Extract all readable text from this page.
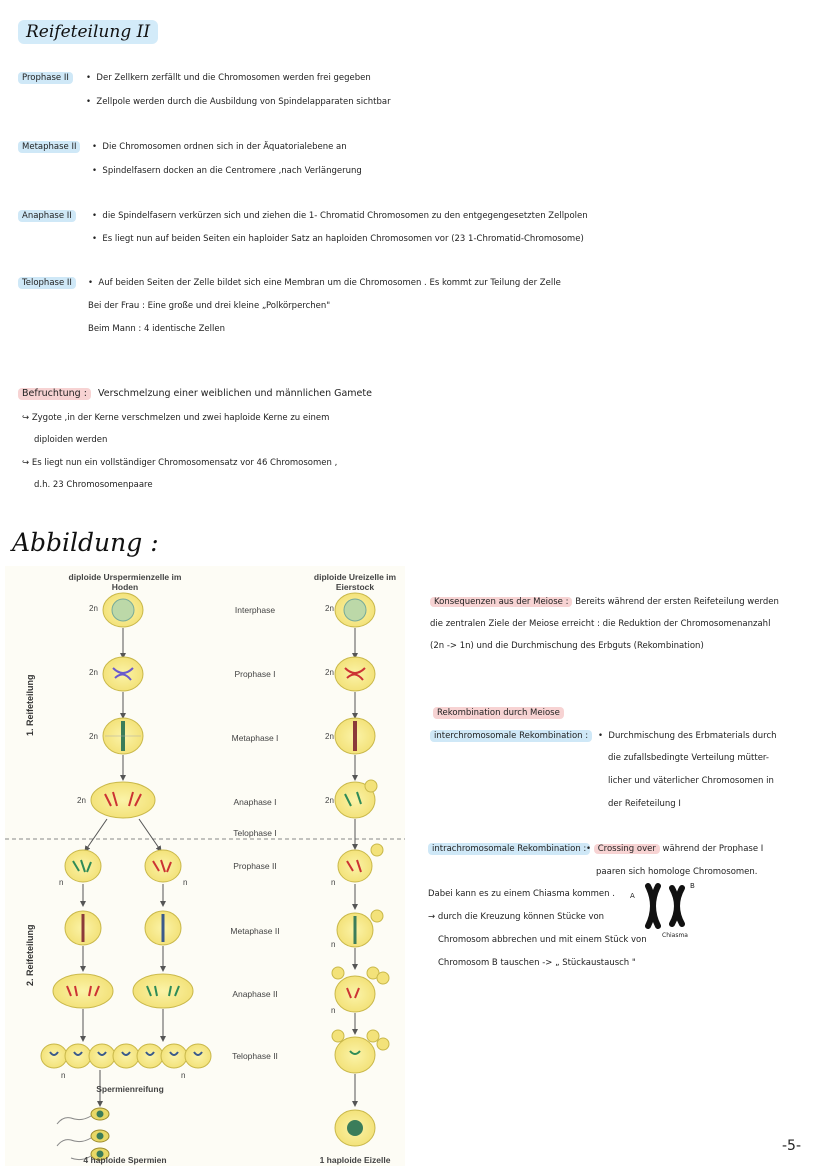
Reifeteilung II
Prophase II	•  Der Zellkern zerfällt und die Chromosomen werden frei gegeben
•  Zellpole werden durch die Ausbildung von Spindelapparaten sichtbar
Metaphase II	•  Die Chromosomen ordnen sich in der Äquatorialebene an
•  Spindelfasern docken an die Centromere ,nach Verlängerung
Anaphase II	•  die Spindelfasern verkürzen sich und ziehen die 1- Chromatid Chromosomen zu den entgegengesetzten Zellpolen
•  Es liegt nun auf beiden Seiten ein haploider Satz an haploiden Chromosomen vor (23 1-Chromatid-Chromosome)
Telophase II	•  Auf beiden Seiten der Zelle bildet sich eine Membran um die Chromosomen . Es kommt zur Teilung der Zelle
Bei der Frau : Eine große und drei kleine „Polkörperchen"
Beim Mann : 4 identische Zellen
Befruchtung :	Verschmelzung einer weiblichen und männlichen Gamete
↪ Zygote ,in der Kerne verschmelzen und zwei haploide Kerne zu einem
diploiden werden
↪ Es liegt nun ein vollständiger Chromosomensatz vor 46 Chromosomen ,
d.h. 23 Chromosomenpaare
Abbildung :
diploide Urspermienzelle im Hoden
diploide Ureizelle im Eierstock
Interphase
Prophase I
Metaphase I
Anaphase I
Telophase I
Prophase II
Metaphase II
Anaphase II
Telophase II
2n
2n
2n
2n
2n
2n
2n
2n
n	n	n
n
n
n	n
1. Reifeteilung
2. Reifeteilung
Spermienreifung
4 haploide Spermien	1 haploide Eizelle
Konsequenzen aus der Meiose : Bereits während der ersten Reifeteilung werden
die zentralen Ziele der Meiose erreicht : die Reduktion der Chromosomenanzahl
(2n -> 1n) und die Durchmischung des Erbguts (Rekombination)
Rekombination durch Meiose
interchromosomale Rekombination :	•  Durchmischung des Erbmaterials durch
die zufallsbedingte Verteilung mütter-
licher und väterlicher Chromosomen in
der Reifeteilung I
intrachromosomale Rekombination : • Crossing over während der Prophase I
paaren sich homologe Chromosomen.
Dabei kann es zu einem Chiasma kommen .
→ durch die Kreuzung können Stücke von
Chromosom abbrechen und mit einem Stück von
Chromosom B tauschen -> „ Stückaustausch "
A
B
Chiasma
-5-
